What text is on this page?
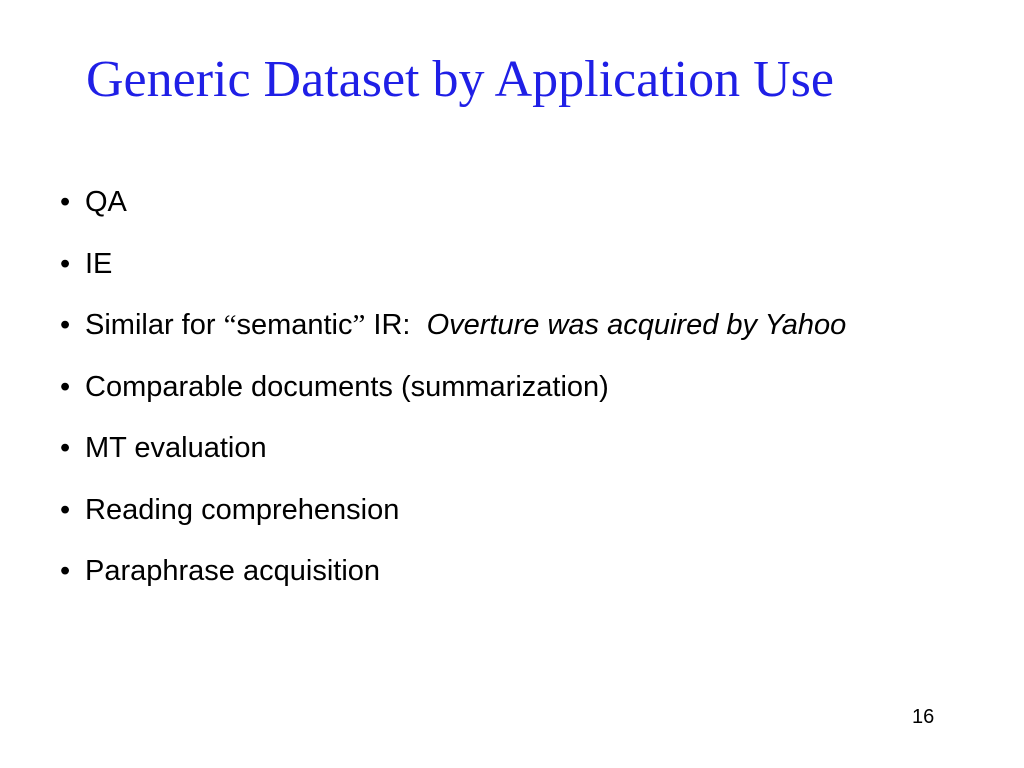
Generic Dataset by Application Use
• QA
• IE
• Similar for “semantic” IR:  Overture was acquired by Yahoo
• Comparable documents (summarization)
• MT evaluation
• Reading comprehension
• Paraphrase acquisition
16
